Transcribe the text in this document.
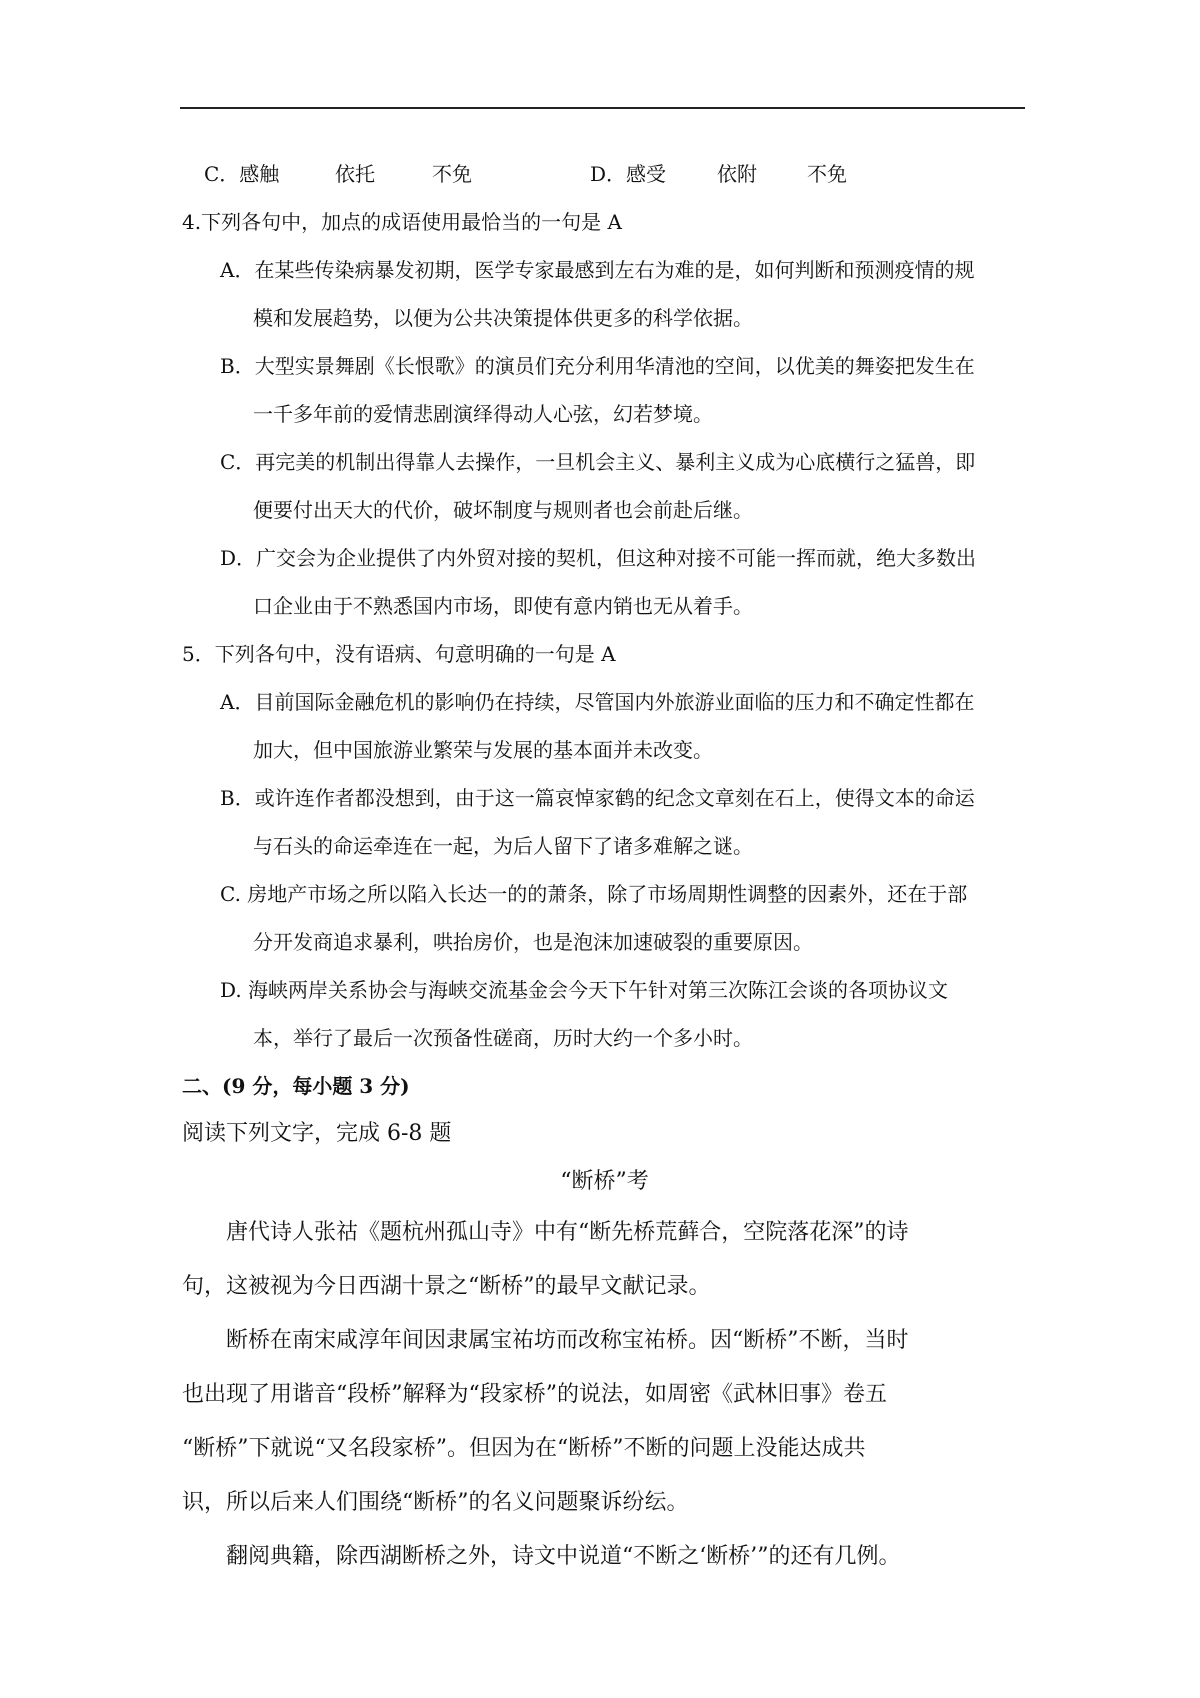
C．感触	依托	不免	D．感受	依附	不免
4.下列各句中，加点的成语使用最恰当的一句是 A
A．在某些传染病暴发初期，医学专家最感到左右为难的是，如何判断和预测疫情的规
模和发展趋势，以便为公共决策提体供更多的科学依据。
B．大型实景舞剧《长恨歌》的演员们充分利用华清池的空间，以优美的舞姿把发生在
一千多年前的爱情悲剧演绎得动人心弦，幻若梦境。
C．再完美的机制出得靠人去操作，一旦机会主义、暴利主义成为心底横行之猛兽，即
便要付出天大的代价，破坏制度与规则者也会前赴后继。
D．广交会为企业提供了内外贸对接的契机，但这种对接不可能一挥而就，绝大多数出
口企业由于不熟悉国内市场，即使有意内销也无从着手。
5．下列各句中，没有语病、句意明确的一句是 A
A．目前国际金融危机的影响仍在持续，尽管国内外旅游业面临的压力和不确定性都在
加大，但中国旅游业繁荣与发展的基本面并未改变。
B．或许连作者都没想到，由于这一篇哀悼家鹤的纪念文章刻在石上，使得文本的命运
与石头的命运牵连在一起，为后人留下了诸多难解之谜。
C. 房地产市场之所以陷入长达一的的萧条，除了市场周期性调整的因素外，还在于部
分开发商追求暴利，哄抬房价，也是泡沫加速破裂的重要原因。
D. 海峡两岸关系协会与海峡交流基金会今天下午针对第三次陈江会谈的各项协议文
本，举行了最后一次预备性磋商，历时大约一个多小时。
二、(9 分，每小题 3 分)
阅读下列文字，完成 6-8 题
“断桥”考
唐代诗人张祜《题杭州孤山寺》中有“断先桥荒藓合，空院落花深”的诗
句，这被视为今日西湖十景之“断桥”的最早文献记录。
断桥在南宋咸淳年间因隶属宝祐坊而改称宝祐桥。因“断桥”不断，当时
也出现了用谐音“段桥”解释为“段家桥”的说法，如周密《武林旧事》卷五
“断桥”下就说“又名段家桥”。但因为在“断桥”不断的问题上没能达成共
识，所以后来人们围绕“断桥”的名义问题聚诉纷纭。
翻阅典籍，除西湖断桥之外，诗文中说道“不断之‘断桥’”的还有几例。
